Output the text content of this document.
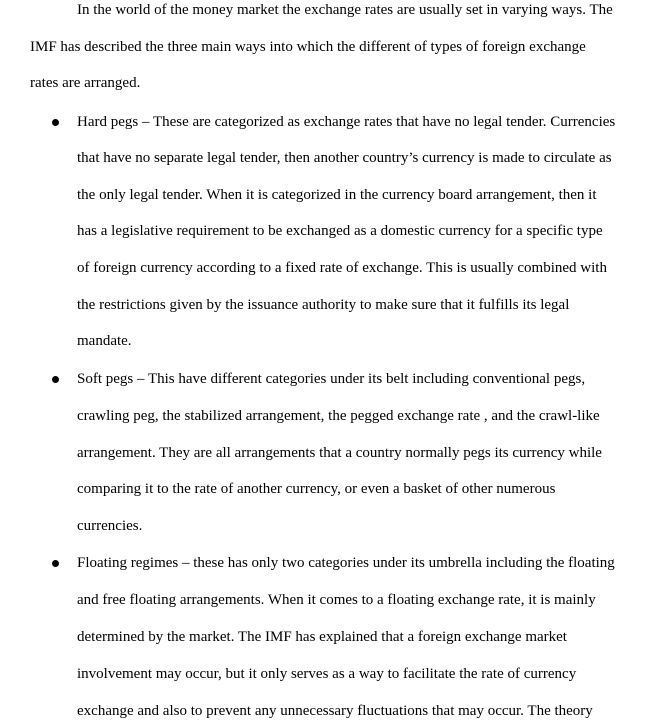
In the world of the money market the exchange rates are usually set in varying ways. The
IMF has described the three main ways into which the different of types of foreign exchange
rates are arranged.
Hard pegs – These are categorized as exchange rates that have no legal tender. Currencies
that have no separate legal tender, then another country’s currency is made to circulate as
the only legal tender. When it is categorized in the currency board arrangement, then it
has a legislative requirement to be exchanged as a domestic currency for a specific type
of foreign currency according to a fixed rate of exchange. This is usually combined with
the restrictions given by the issuance authority to make sure that it fulfills its legal
mandate.
Soft pegs – This have different categories under its belt including conventional pegs,
crawling peg, the stabilized arrangement, the pegged exchange rate , and the crawl-like
arrangement. They are all arrangements that a country normally pegs its currency while
comparing it to the rate of another currency, or even a basket of other numerous
currencies.
Floating regimes – these has only two categories under its umbrella including the floating
and free floating arrangements. When it comes to a floating exchange rate, it is mainly
determined by the market. The IMF has explained that a foreign exchange market
involvement may occur, but it only serves as a way to facilitate the rate of currency
exchange and also to prevent any unnecessary fluctuations that may occur. The theory
